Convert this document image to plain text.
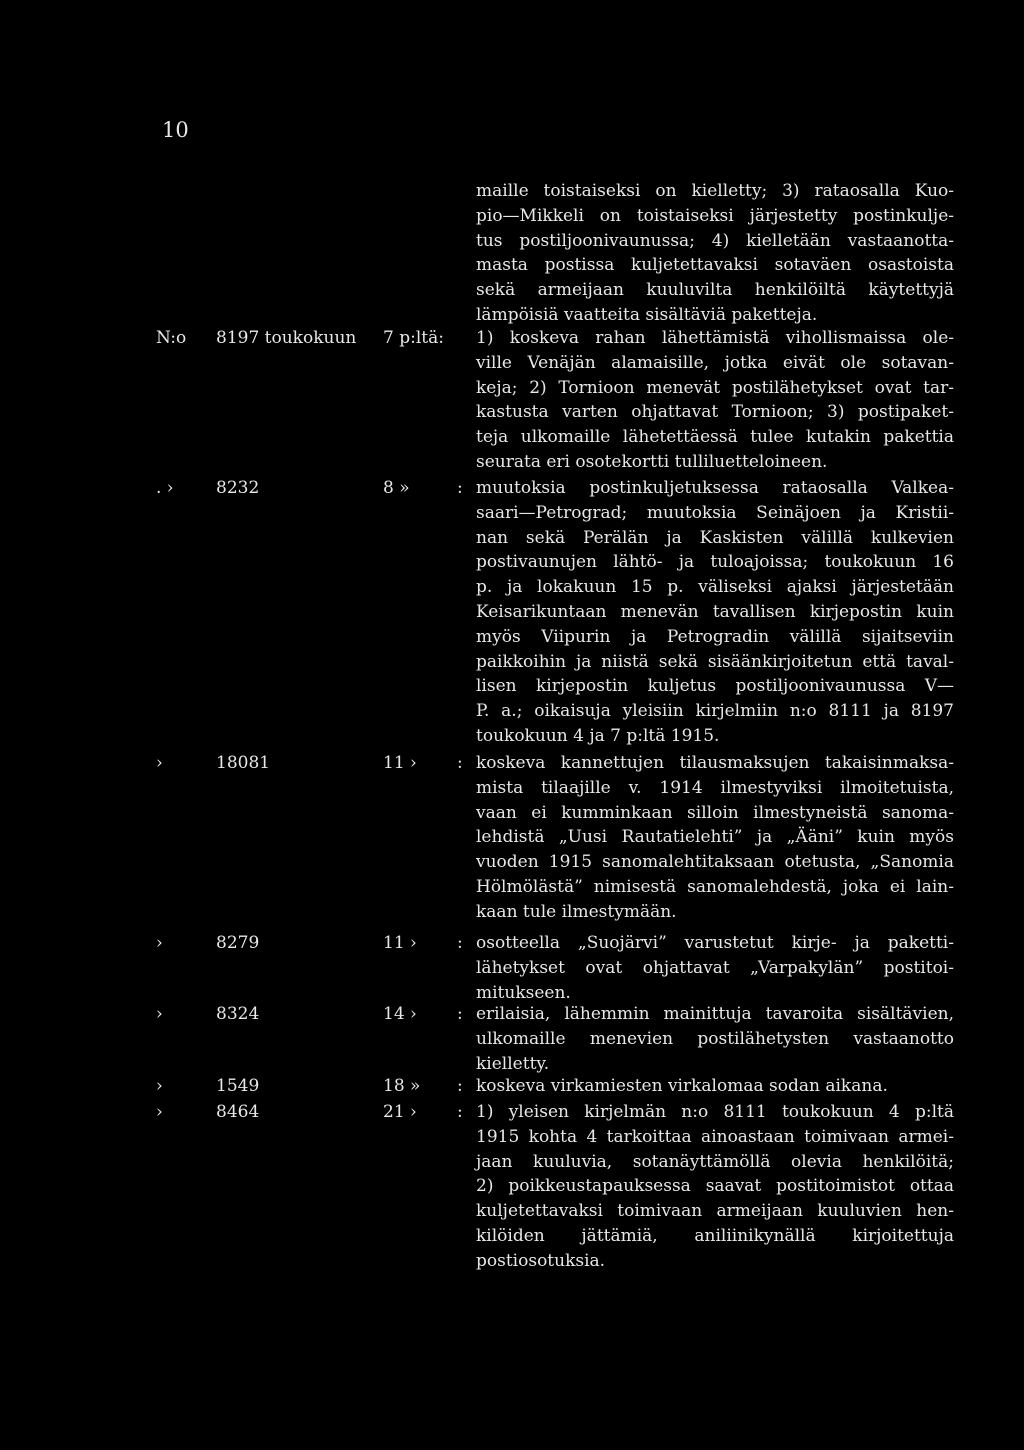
10
maille toistaiseksi on kielletty; 3) rataosalla Kuo-
pio—Mikkeli on toistaiseksi järjestetty postinkulje-
tus postiljoonivaunussa; 4) kielletään vastaanotta-
masta postissa kuljetettavaksi sotaväen osastoista
sekä armeijaan kuuluvilta henkilöiltä käytettyjä
lämpöisiä vaatteita sisältäviä paketteja.
N:o 8197 toukokuun 7 p:ltä: 1) koskeva rahan lähettämistä vihollismaissa ole-
ville Venäjän alamaisille, jotka eivät ole sotavan-
keja; 2) Tornioon menevät postilähetykset ovat tar-
kastusta varten ohjattavat Tornioon; 3) postipaket-
teja ulkomaille lähetettäessä tulee kutakin pakettia
seurata eri osotekortti tulliluetteloineen.
. › 8232	8 »	: muutoksia postinkuljetuksessa rataosalla Valkea-
saari—Petrograd; muutoksia Seinäjoen ja Kristii-
nan sekä Perälän ja Kaskisten välillä kulkevien
postivaunujen lähtö- ja tuloajoissa; toukokuun 16
p. ja lokakuun 15 p. väliseksi ajaksi järjestetään
Keisarikuntaan menevän tavallisen kirjepostin kuin
myös Viipurin ja Petrogradin välillä sijaitseviin
paikkoihin ja niistä sekä sisäänkirjoitetun että taval-
lisen kirjepostin kuljetus postiljoonivaunussa V—
P. a.; oikaisuja yleisiin kirjelmiin n:o 8111 ja 8197
toukokuun 4 ja 7 p:ltä 1915.
›	18081	11 › : koskeva kannettujen tilausmaksujen takaisinmaksa-
mista tilaajille v. 1914 ilmestyviksi ilmoitetuista,
vaan ei kumminkaan silloin ilmestyneistä sanoma-
lehdistä „Uusi Rautatielehti” ja „Ääni” kuin myös
vuoden 1915 sanomalehtitaksaan otetusta, „Sanomia
Hölmölästä” nimisestä sanomalehdestä, joka ei lain-
kaan tule ilmestymään.
›	8279	11 › : osotteella „Suojärvi” varustetut kirje- ja paketti-
lähetykset ovat ohjattavat „Varpakylän” postitoi-
mitukseen.
›	8324	14 › : erilaisia, lähemmin mainittuja tavaroita sisältävien,
ulkomaille menevien postilähetysten vastaanotto
kielletty.
›	1549	18 » : koskeva virkamiesten virkalomaa sodan aikana.
›	8464	21 › : 1) yleisen kirjelmän n:o 8111 toukokuun 4 p:ltä
1915 kohta 4 tarkoittaa ainoastaan toimivaan armei-
jaan kuuluvia, sotanäyttämöllä olevia henkilöitä;
2) poikkeustapauksessa saavat postitoimistot ottaa
kuljetettavaksi toimivaan armeijaan kuuluvien hen-
kilöiden jättämiä, aniliinikynällä kirjoitettuja
postiosotuksia.
